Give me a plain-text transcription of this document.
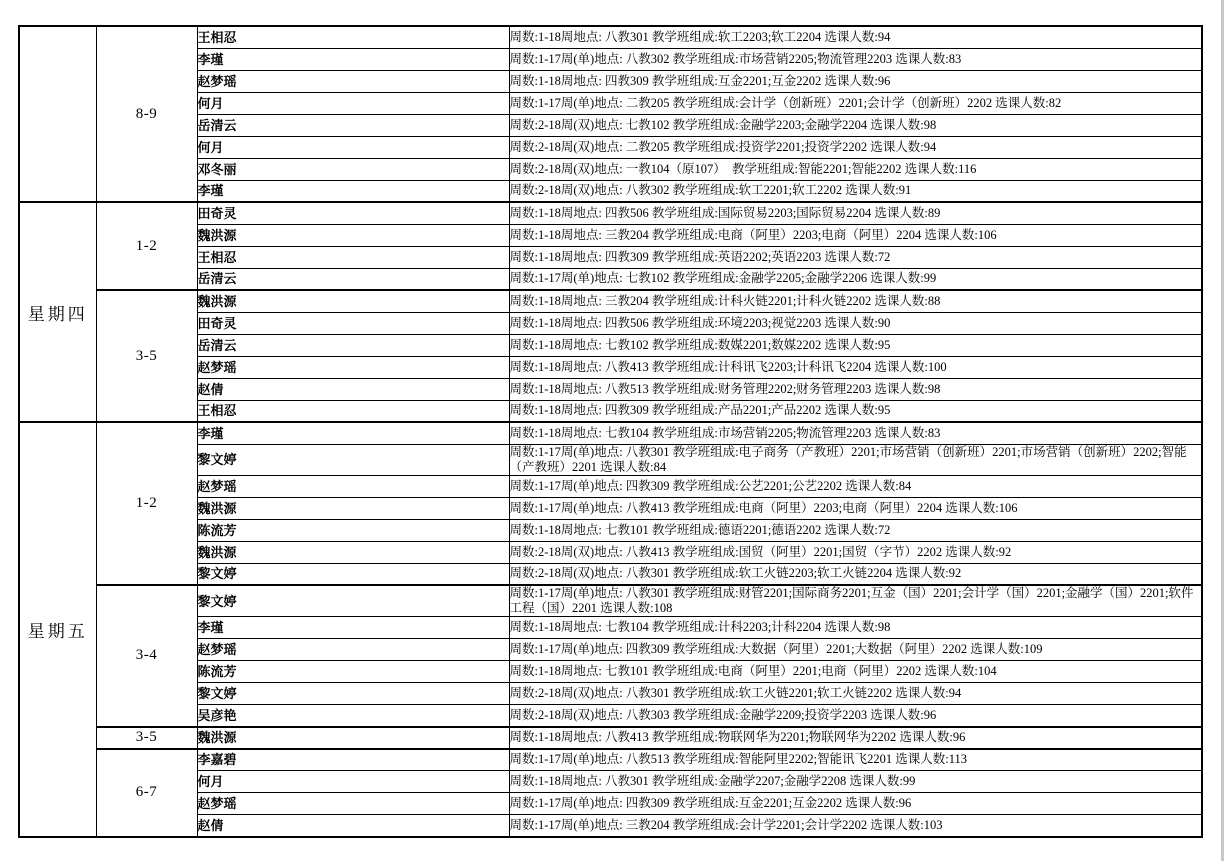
	8-9	王相忍	周数:1-18周地点: 八教301 教学班组成:软工2203;软工2204 选课人数:94
		李瑾	周数:1-17周(单)地点: 八教302 教学班组成:市场营销2205;物流管理2203 选课人数:83
		赵梦瑶	周数:1-18周地点: 四教309 教学班组成:互金2201;互金2202 选课人数:96
		何月	周数:1-17周(单)地点: 二教205 教学班组成:会计学（创新班）2201;会计学（创新班）2202 选课人数:82
		岳清云	周数:2-18周(双)地点: 七教102 教学班组成:金融学2203;金融学2204 选课人数:98
		何月	周数:2-18周(双)地点: 二教205 教学班组成:投资学2201;投资学2202 选课人数:94
		邓冬丽	周数:2-18周(双)地点: 一教104（原107）　教学班组成:智能2201;智能2202 选课人数:116
		李瑾	周数:2-18周(双)地点: 八教302 教学班组成:软工2201;软工2202 选课人数:91
星期四	1-2	田奇灵	周数:1-18周地点: 四教506 教学班组成:国际贸易2203;国际贸易2204 选课人数:89
		魏洪源	周数:1-18周地点: 三教204 教学班组成:电商（阿里）2203;电商（阿里）2204 选课人数:106
		王相忍	周数:1-18周地点: 四教309 教学班组成:英语2202;英语2203 选课人数:72
		岳清云	周数:1-17周(单)地点: 七教102 教学班组成:金融学2205;金融学2206 选课人数:99
	3-5	魏洪源	周数:1-18周地点: 三教204 教学班组成:计科火链2201;计科火链2202 选课人数:88
		田奇灵	周数:1-18周地点: 四教506 教学班组成:环境2203;视觉2203 选课人数:90
		岳清云	周数:1-18周地点: 七教102 教学班组成:数媒2201;数媒2202 选课人数:95
		赵梦瑶	周数:1-18周地点: 八教413 教学班组成:计科讯飞2203;计科讯飞2204 选课人数:100
		赵倩	周数:1-18周地点: 八教513 教学班组成:财务管理2202;财务管理2203 选课人数:98
		王相忍	周数:1-18周地点: 四教309 教学班组成:产品2201;产品2202 选课人数:95
星期五	1-2	李瑾	周数:1-18周地点: 七教104 教学班组成:市场营销2205;物流管理2203 选课人数:83
		黎文婷	周数:1-17周(单)地点: 八教301 教学班组成:电子商务（产教班）2201;市场营销（创新班）2201;市场营销（创新班）2202;智能（产教班）2201 选课人数:84
		赵梦瑶	周数:1-17周(单)地点: 四教309 教学班组成:公艺2201;公艺2202 选课人数:84
		魏洪源	周数:1-17周(单)地点: 八教413 教学班组成:电商（阿里）2203;电商（阿里）2204 选课人数:106
		陈流芳	周数:1-18周地点: 七教101 教学班组成:德语2201;德语2202 选课人数:72
		魏洪源	周数:2-18周(双)地点: 八教413 教学班组成:国贸（阿里）2201;国贸（字节）2202 选课人数:92
		黎文婷	周数:2-18周(双)地点: 八教301 教学班组成:软工火链2203;软工火链2204 选课人数:92
	3-4	黎文婷	周数:1-17周(单)地点: 八教301 教学班组成:财管2201;国际商务2201;互金（国）2201;会计学（国）2201;金融学（国）2201;软件工程（国）2201 选课人数:108
		李瑾	周数:1-18周地点: 七教104 教学班组成:计科2203;计科2204 选课人数:98
		赵梦瑶	周数:1-17周(单)地点: 四教309 教学班组成:大数据（阿里）2201;大数据（阿里）2202 选课人数:109
		陈流芳	周数:1-18周地点: 七教101 教学班组成:电商（阿里）2201;电商（阿里）2202 选课人数:104
		黎文婷	周数:2-18周(双)地点: 八教301 教学班组成:软工火链2201;软工火链2202 选课人数:94
		吴彦艳	周数:2-18周(双)地点: 八教303 教学班组成:金融学2209;投资学2203 选课人数:96
	3-5	魏洪源	周数:1-18周地点: 八教413 教学班组成:物联网华为2201;物联网华为2202 选课人数:96
	6-7	李嘉碧	周数:1-17周(单)地点: 八教513 教学班组成:智能阿里2202;智能讯飞2201 选课人数:113
		何月	周数:1-18周地点: 八教301 教学班组成:金融学2207;金融学2208 选课人数:99
		赵梦瑶	周数:1-17周(单)地点: 四教309 教学班组成:互金2201;互金2202 选课人数:96
		赵倩	周数:1-17周(单)地点: 三教204 教学班组成:会计学2201;会计学2202 选课人数:103
